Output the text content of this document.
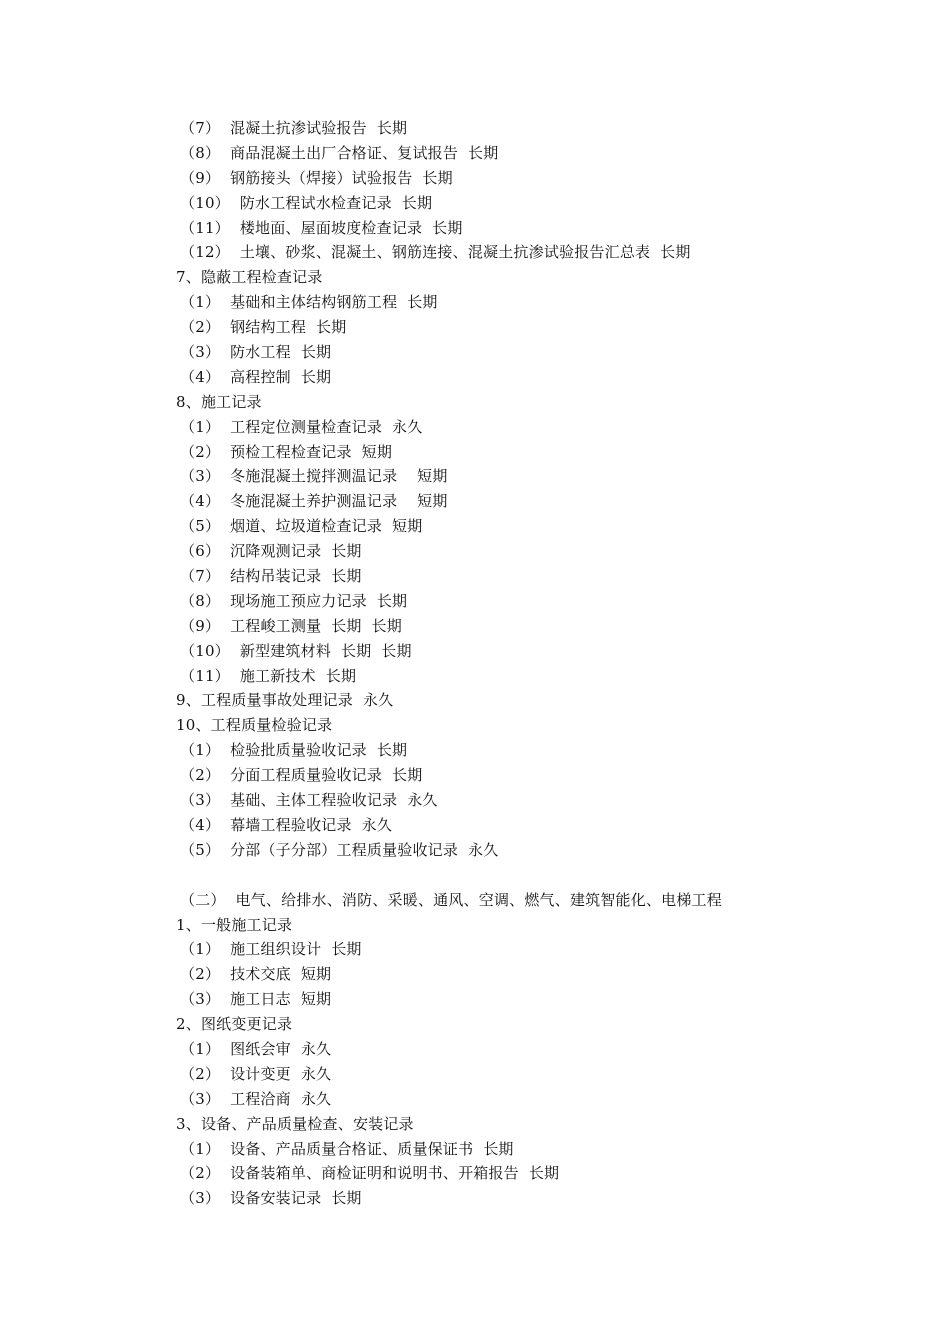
（7）  混凝土抗渗试验报告  长期
（8）  商品混凝土出厂合格证、复试报告  长期
（9）  钢筋接头（焊接）试验报告  长期
（10）  防水工程试水检查记录  长期
（11）  楼地面、屋面坡度检查记录  长期
（12）  土壤、砂浆、混凝土、钢筋连接、混凝土抗渗试验报告汇总表  长期
7、隐蔽工程检查记录
（1）  基础和主体结构钢筋工程  长期
（2）  钢结构工程  长期
（3）  防水工程  长期
（4）  高程控制  长期
8、施工记录
（1）  工程定位测量检查记录  永久
（2）  预检工程检查记录  短期
（3）  冬施混凝土搅拌测温记录    短期
（4）  冬施混凝土养护测温记录    短期
（5）  烟道、垃圾道检查记录  短期
（6）  沉降观测记录  长期
（7）  结构吊装记录  长期
（8）  现场施工预应力记录  长期
（9）  工程峻工测量  长期  长期
（10）  新型建筑材料  长期  长期
（11）  施工新技术  长期
9、工程质量事故处理记录  永久
10、工程质量检验记录
（1）  检验批质量验收记录  长期
（2）  分面工程质量验收记录  长期
（3）  基础、主体工程验收记录  永久
（4）  幕墙工程验收记录  永久
（5）  分部（子分部）工程质量验收记录  永久
（二）  电气、给排水、消防、采暖、通风、空调、燃气、建筑智能化、电梯工程
1、一般施工记录
（1）  施工组织设计  长期
（2）  技术交底  短期
（3）  施工日志  短期
2、图纸变更记录
（1）  图纸会审  永久
（2）  设计变更  永久
（3）  工程洽商  永久
3、设备、产品质量检查、安装记录
（1）  设备、产品质量合格证、质量保证书  长期
（2）  设备装箱单、商检证明和说明书、开箱报告  长期
（3）  设备安装记录  长期
